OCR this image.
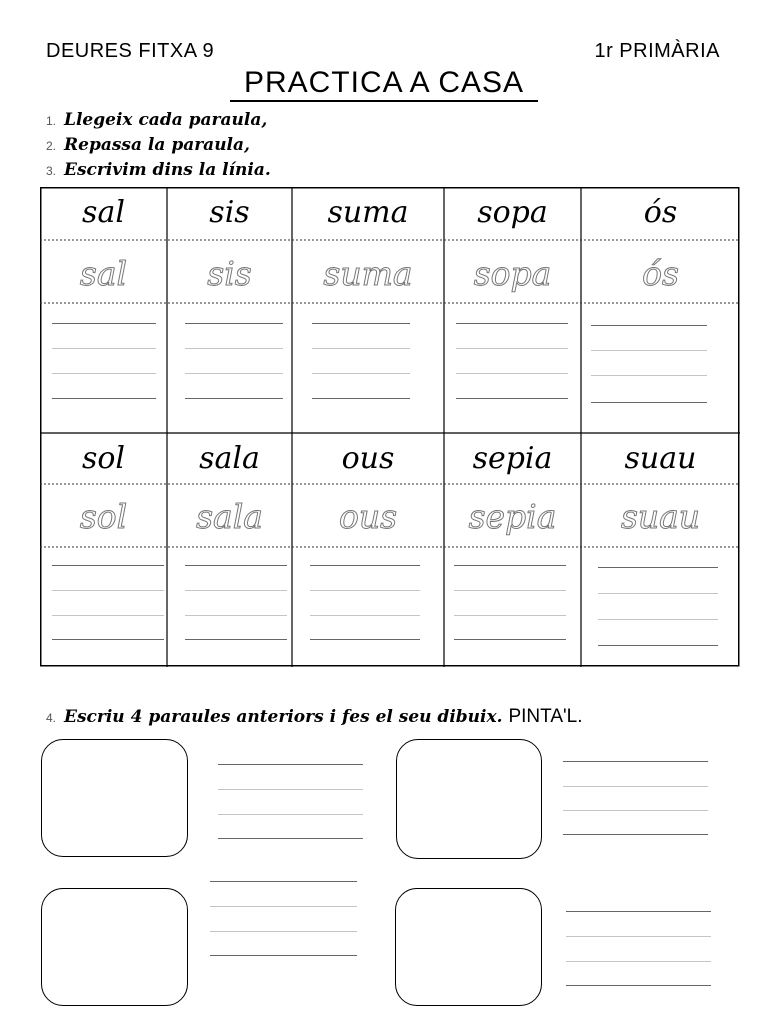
DEURES FITXA 9	1r PRIMÀRIA
PRACTICA A CASA
1. Llegeix cada paraula,
2. Repassa la paraula,
3. Escrivim dins la línia.
sal	sis	suma	sopa	ós
sal	sis	suma	sopa	ós
sol	sala	ous	sepia	suau
sol	sala	ous	sepia	suau
4. Escriu 4 paraules anteriors i fes el seu dibuix. PINTA'L.
